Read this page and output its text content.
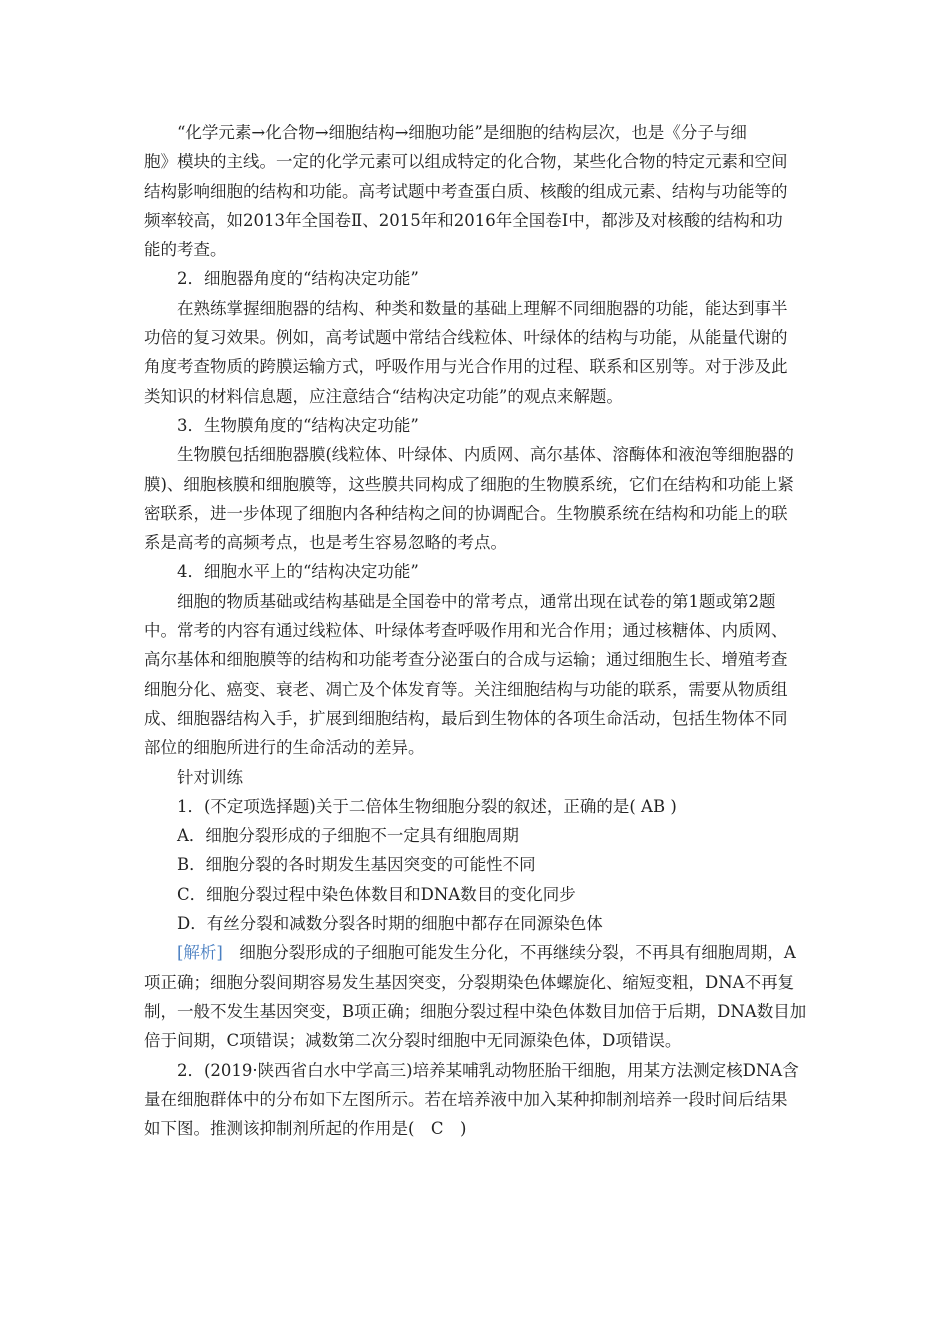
“化学元素→化合物→细胞结构→细胞功能”是细胞的结构层次，也是《分子与细
胞》模块的主线。一定的化学元素可以组成特定的化合物，某些化合物的特定元素和空间
结构影响细胞的结构和功能。高考试题中考查蛋白质、核酸的组成元素、结构与功能等的
频率较高，如2013年全国卷Ⅱ、2015年和2016年全国卷Ⅰ中，都涉及对核酸的结构和功
能的考查。
2．细胞器角度的“结构决定功能”
在熟练掌握细胞器的结构、种类和数量的基础上理解不同细胞器的功能，能达到事半
功倍的复习效果。例如，高考试题中常结合线粒体、叶绿体的结构与功能，从能量代谢的
角度考查物质的跨膜运输方式，呼吸作用与光合作用的过程、联系和区别等。对于涉及此
类知识的材料信息题，应注意结合“结构决定功能”的观点来解题。
3．生物膜角度的“结构决定功能”
生物膜包括细胞器膜(线粒体、叶绿体、内质网、高尔基体、溶酶体和液泡等细胞器的
膜)、细胞核膜和细胞膜等，这些膜共同构成了细胞的生物膜系统，它们在结构和功能上紧
密联系，进一步体现了细胞内各种结构之间的协调配合。生物膜系统在结构和功能上的联
系是高考的高频考点，也是考生容易忽略的考点。
4．细胞水平上的“结构决定功能”
细胞的物质基础或结构基础是全国卷中的常考点，通常出现在试卷的第1题或第2题
中。常考的内容有通过线粒体、叶绿体考查呼吸作用和光合作用；通过核糖体、内质网、
高尔基体和细胞膜等的结构和功能考查分泌蛋白的合成与运输；通过细胞生长、增殖考查
细胞分化、癌变、衰老、凋亡及个体发育等。关注细胞结构与功能的联系，需要从物质组
成、细胞器结构入手，扩展到细胞结构，最后到生物体的各项生命活动，包括生物体不同
部位的细胞所进行的生命活动的差异。
针对训练
1．(不定项选择题)关于二倍体生物细胞分裂的叙述，正确的是( AB )
A．细胞分裂形成的子细胞不一定具有细胞周期
B．细胞分裂的各时期发生基因突变的可能性不同
C．细胞分裂过程中染色体数目和DNA数目的变化同步
D．有丝分裂和减数分裂各时期的细胞中都存在同源染色体
[解析]　细胞分裂形成的子细胞可能发生分化，不再继续分裂，不再具有细胞周期，A
项正确；细胞分裂间期容易发生基因突变，分裂期染色体螺旋化、缩短变粗，DNA不再复
制，一般不发生基因突变，B项正确；细胞分裂过程中染色体数目加倍于后期，DNA数目加
倍于间期，C项错误；减数第二次分裂时细胞中无同源染色体，D项错误。
2．(2019·陕西省白水中学高三)培养某哺乳动物胚胎干细胞，用某方法测定核DNA含
量在细胞群体中的分布如下左图所示。若在培养液中加入某种抑制剂培养一段时间后结果
如下图。推测该抑制剂所起的作用是(　C　)
